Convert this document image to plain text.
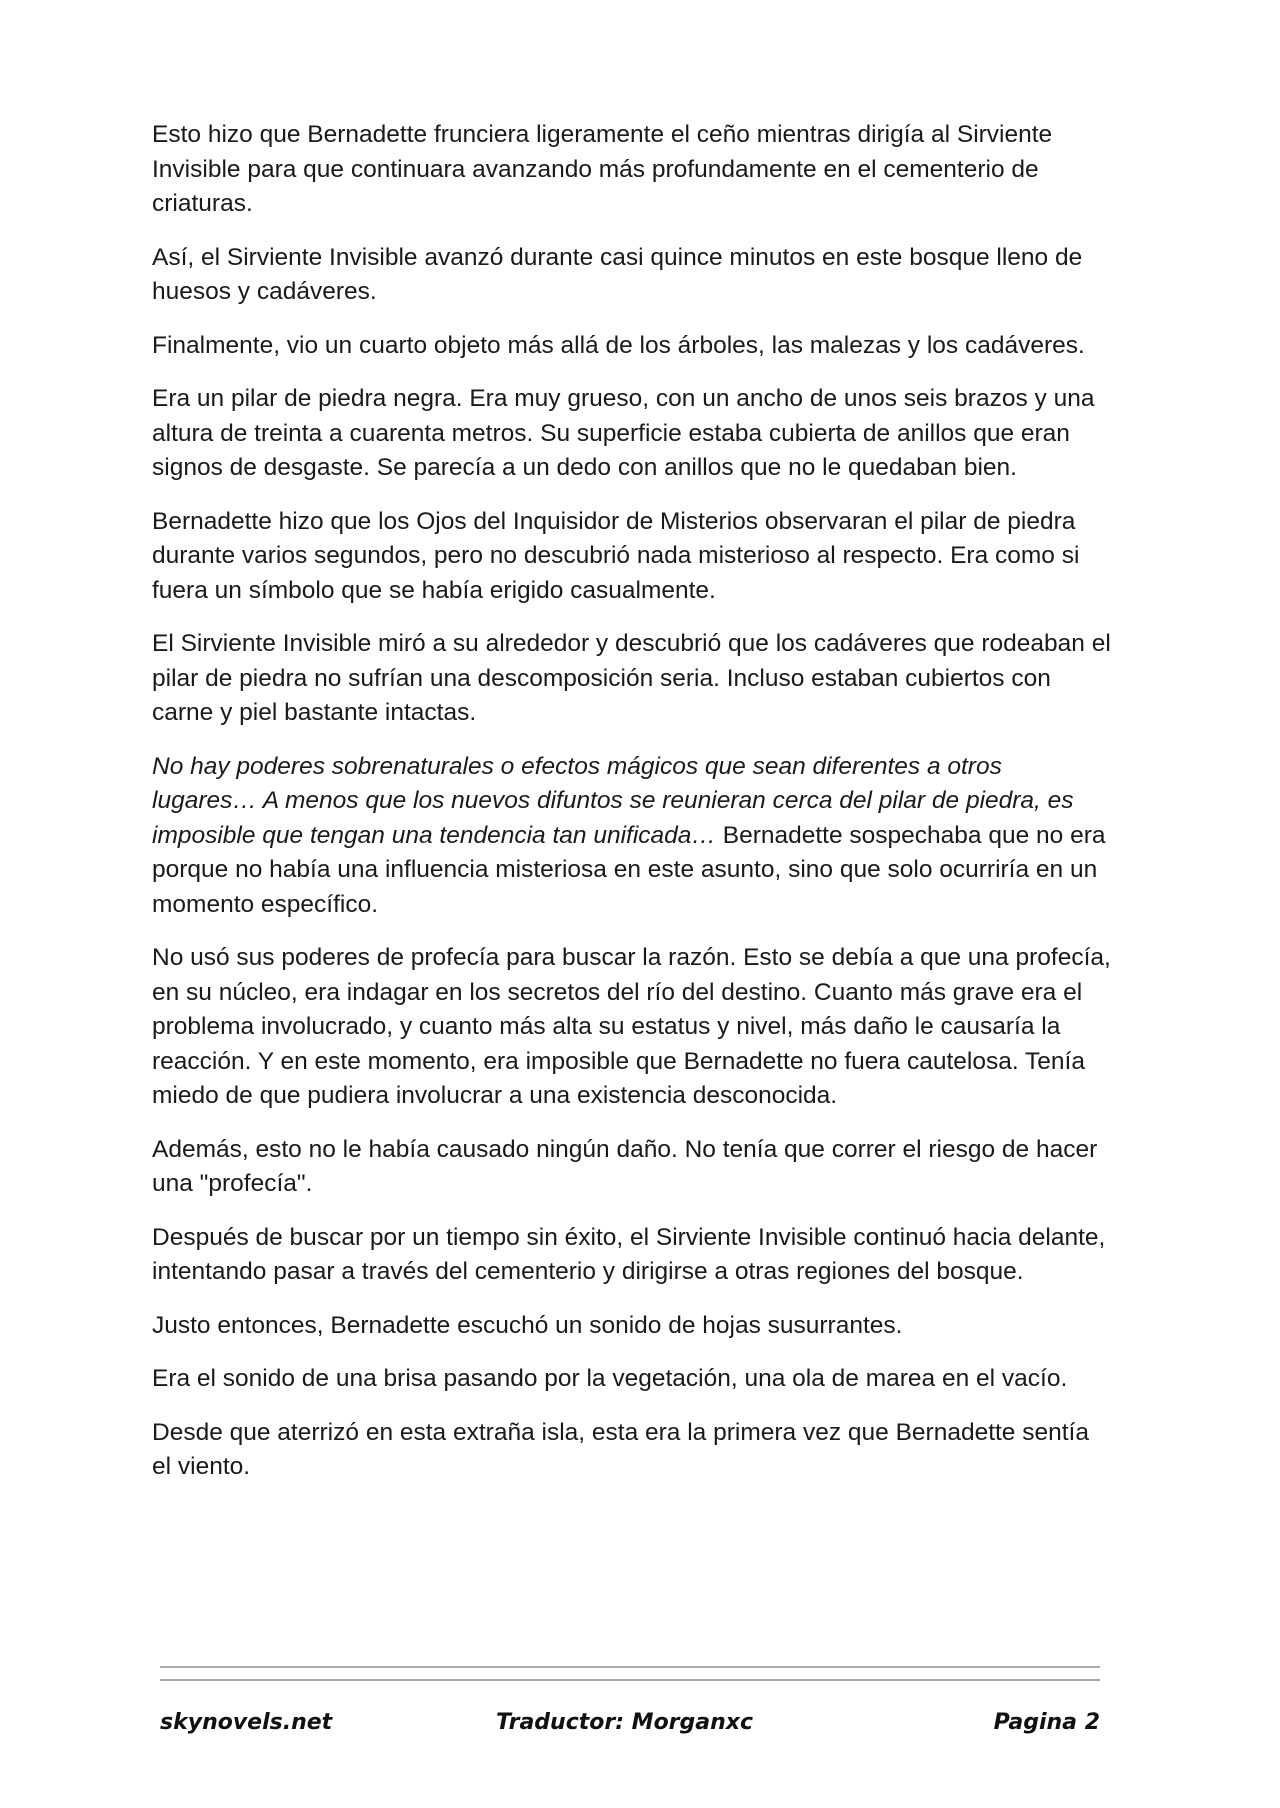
Esto hizo que Bernadette frunciera ligeramente el ceño mientras dirigía al Sirviente Invisible para que continuara avanzando más profundamente en el cementerio de criaturas.

Así, el Sirviente Invisible avanzó durante casi quince minutos en este bosque lleno de huesos y cadáveres.

Finalmente, vio un cuarto objeto más allá de los árboles, las malezas y los cadáveres.

Era un pilar de piedra negra. Era muy grueso, con un ancho de unos seis brazos y una altura de treinta a cuarenta metros. Su superficie estaba cubierta de anillos que eran signos de desgaste. Se parecía a un dedo con anillos que no le quedaban bien.

Bernadette hizo que los Ojos del Inquisidor de Misterios observaran el pilar de piedra durante varios segundos, pero no descubrió nada misterioso al respecto. Era como si fuera un símbolo que se había erigido casualmente.

El Sirviente Invisible miró a su alrededor y descubrió que los cadáveres que rodeaban el pilar de piedra no sufrían una descomposición seria. Incluso estaban cubiertos con carne y piel bastante intactas.

No hay poderes sobrenaturales o efectos mágicos que sean diferentes a otros lugares… A menos que los nuevos difuntos se reunieran cerca del pilar de piedra, es imposible que tengan una tendencia tan unificada… Bernadette sospechaba que no era porque no había una influencia misteriosa en este asunto, sino que solo ocurriría en un momento específico.

No usó sus poderes de profecía para buscar la razón. Esto se debía a que una profecía, en su núcleo, era indagar en los secretos del río del destino. Cuanto más grave era el problema involucrado, y cuanto más alta su estatus y nivel, más daño le causaría la reacción. Y en este momento, era imposible que Bernadette no fuera cautelosa. Tenía miedo de que pudiera involucrar a una existencia desconocida.

Además, esto no le había causado ningún daño. No tenía que correr el riesgo de hacer una "profecía".

Después de buscar por un tiempo sin éxito, el Sirviente Invisible continuó hacia delante, intentando pasar a través del cementerio y dirigirse a otras regiones del bosque.

Justo entonces, Bernadette escuchó un sonido de hojas susurrantes.

Era el sonido de una brisa pasando por la vegetación, una ola de marea en el vacío.

Desde que aterrizó en esta extraña isla, esta era la primera vez que Bernadette sentía el viento.

skynovels.net	Traductor: Morganxc	Pagina 2
